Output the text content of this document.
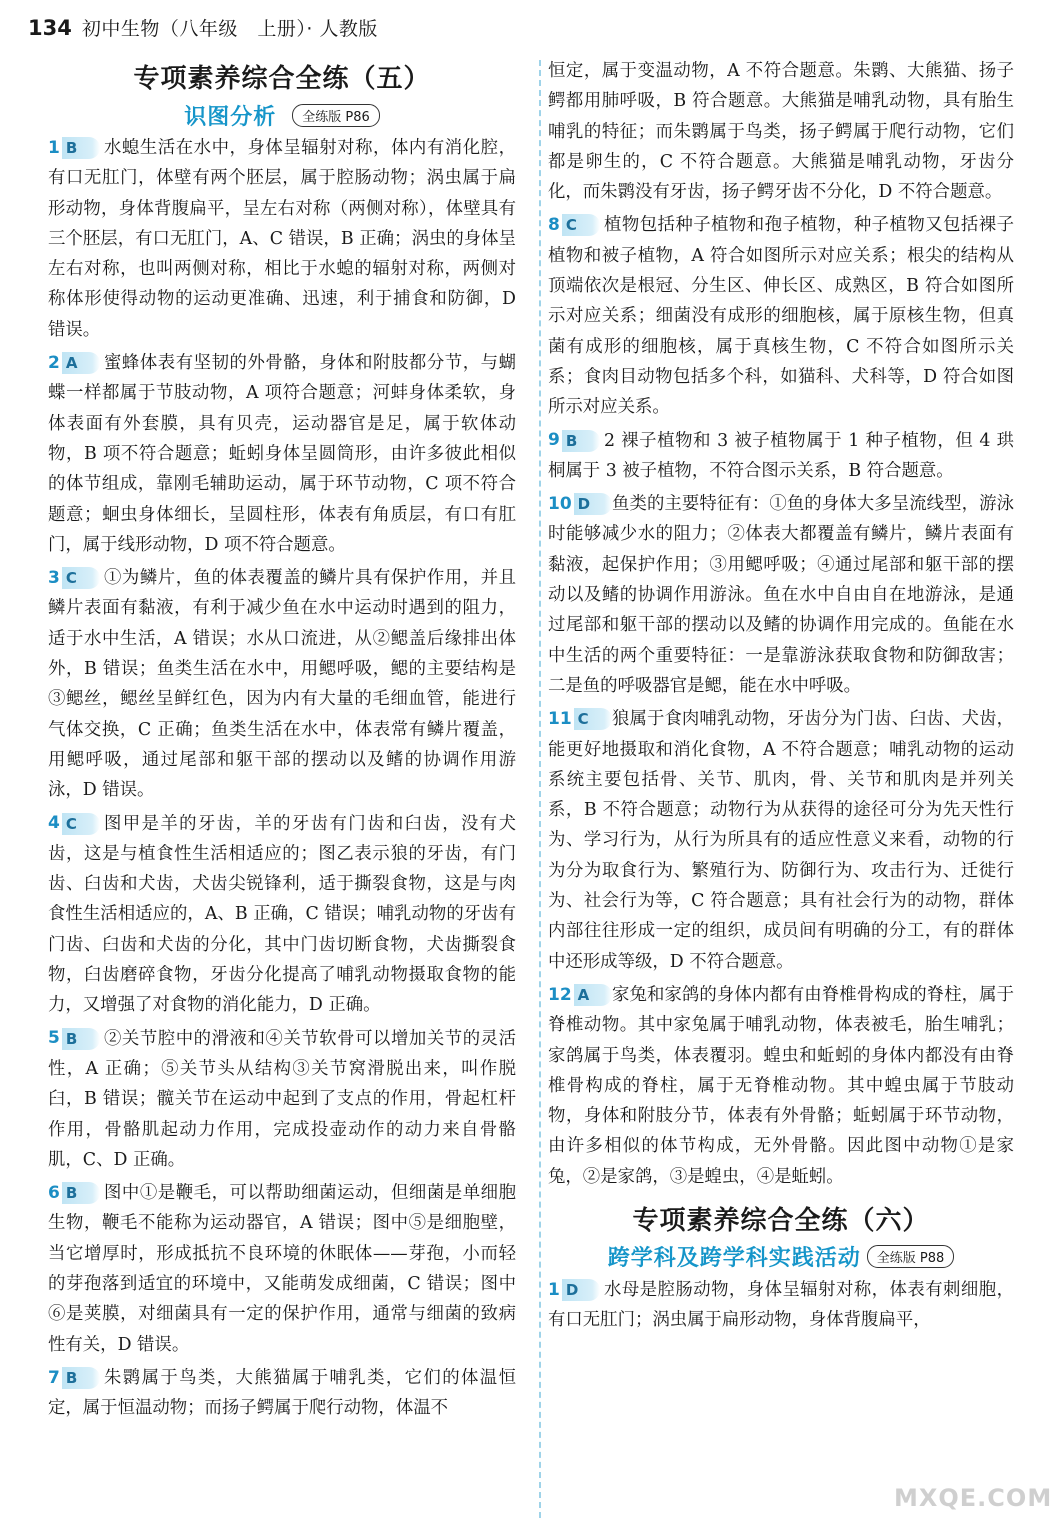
134 初中生物（八年级　上册）· 人教版
专项素养综合全练（五）
识图分析	全练版 P86
1 B	水螅生活在水中，身体呈辐射对称，体内有消化腔，有口无肛门，体壁有两个胚层，属于腔肠动物；涡虫属于扁形动物，身体背腹扁平，呈左右对称（两侧对称），体壁具有三个胚层，有口无肛门，A、C 错误，B 正确；涡虫的身体呈左右对称，也叫两侧对称，相比于水螅的辐射对称，两侧对称体形使得动物的运动更准确、迅速，利于捕食和防御，D 错误。
2 A	蜜蜂体表有坚韧的外骨骼，身体和附肢都分节，与蝴蝶一样都属于节肢动物，A 项符合题意；河蚌身体柔软，身体表面有外套膜，具有贝壳，运动器官是足，属于软体动物，B 项不符合题意；蚯蚓身体呈圆筒形，由许多彼此相似的体节组成，靠刚毛辅助运动，属于环节动物，C 项不符合题意；蛔虫身体细长，呈圆柱形，体表有角质层，有口有肛门，属于线形动物，D 项不符合题意。
3 C	①为鳞片，鱼的体表覆盖的鳞片具有保护作用，并且鳞片表面有黏液，有利于减少鱼在水中运动时遇到的阻力，适于水中生活，A 错误；水从口流进，从②鳃盖后缘排出体外，B 错误；鱼类生活在水中，用鳃呼吸，鳃的主要结构是③鳃丝，鳃丝呈鲜红色，因为内有大量的毛细血管，能进行气体交换，C 正确；鱼类生活在水中，体表常有鳞片覆盖，用鳃呼吸，通过尾部和躯干部的摆动以及鳍的协调作用游泳，D 错误。
4 C	图甲是羊的牙齿，羊的牙齿有门齿和臼齿，没有犬齿，这是与植食性生活相适应的；图乙表示狼的牙齿，有门齿、臼齿和犬齿，犬齿尖锐锋利，适于撕裂食物，这是与肉食性生活相适应的，A、B 正确，C 错误；哺乳动物的牙齿有门齿、臼齿和犬齿的分化，其中门齿切断食物，犬齿撕裂食物，臼齿磨碎食物，牙齿分化提高了哺乳动物摄取食物的能力，又增强了对食物的消化能力，D 正确。
5 B	②关节腔中的滑液和④关节软骨可以增加关节的灵活性，A 正确；⑤关节头从结构③关节窝滑脱出来，叫作脱臼，B 错误；髋关节在运动中起到了支点的作用，骨起杠杆作用，骨骼肌起动力作用，完成投壶动作的动力来自骨骼肌，C、D 正确。
6 B	图中①是鞭毛，可以帮助细菌运动，但细菌是单细胞生物，鞭毛不能称为运动器官，A 错误；图中⑤是细胞壁，当它增厚时，形成抵抗不良环境的休眠体——芽孢，小而轻的芽孢落到适宜的环境中，又能萌发成细菌，C 错误；图中⑥是荚膜，对细菌具有一定的保护作用，通常与细菌的致病性有关，D 错误。
7 B	朱鹮属于鸟类，大熊猫属于哺乳类，它们的体温恒定，属于恒温动物；而扬子鳄属于爬行动物，体温不
恒定，属于变温动物，A 不符合题意。朱鹮、大熊猫、扬子鳄都用肺呼吸，B 符合题意。大熊猫是哺乳动物，具有胎生哺乳的特征；而朱鹮属于鸟类，扬子鳄属于爬行动物，它们都是卵生的，C 不符合题意。大熊猫是哺乳动物，牙齿分化，而朱鹮没有牙齿，扬子鳄牙齿不分化，D 不符合题意。
8 C	植物包括种子植物和孢子植物，种子植物又包括裸子植物和被子植物，A 符合如图所示对应关系；根尖的结构从顶端依次是根冠、分生区、伸长区、成熟区，B 符合如图所示对应关系；细菌没有成形的细胞核，属于原核生物，但真菌有成形的细胞核，属于真核生物，C 不符合如图所示关系；食肉目动物包括多个科，如猫科、犬科等，D 符合如图所示对应关系。
9 B	2 裸子植物和 3 被子植物属于 1 种子植物，但 4 珙桐属于 3 被子植物，不符合图示关系，B 符合题意。
10 D	鱼类的主要特征有：①鱼的身体大多呈流线型，游泳时能够减少水的阻力；②体表大都覆盖有鳞片，鳞片表面有黏液，起保护作用；③用鳃呼吸；④通过尾部和躯干部的摆动以及鳍的协调作用游泳。鱼在水中自由自在地游泳，是通过尾部和躯干部的摆动以及鳍的协调作用完成的。鱼能在水中生活的两个重要特征：一是靠游泳获取食物和防御敌害；二是鱼的呼吸器官是鳃，能在水中呼吸。
11 C	狼属于食肉哺乳动物，牙齿分为门齿、臼齿、犬齿，能更好地摄取和消化食物，A 不符合题意；哺乳动物的运动系统主要包括骨、关节、肌肉，骨、关节和肌肉是并列关系，B 不符合题意；动物行为从获得的途径可分为先天性行为、学习行为，从行为所具有的适应性意义来看，动物的行为分为取食行为、繁殖行为、防御行为、攻击行为、迁徙行为、社会行为等，C 符合题意；具有社会行为的动物，群体内部往往形成一定的组织，成员间有明确的分工，有的群体中还形成等级，D 不符合题意。
12 A	家兔和家鸽的身体内都有由脊椎骨构成的脊柱，属于脊椎动物。其中家兔属于哺乳动物，体表被毛，胎生哺乳；家鸽属于鸟类，体表覆羽。蝗虫和蚯蚓的身体内都没有由脊椎骨构成的脊柱，属于无脊椎动物。其中蝗虫属于节肢动物，身体和附肢分节，体表有外骨骼；蚯蚓属于环节动物，由许多相似的体节构成，无外骨骼。因此图中动物①是家兔，②是家鸽，③是蝗虫，④是蚯蚓。
专项素养综合全练（六）
跨学科及跨学科实践活动	全练版 P88
1 D	水母是腔肠动物，身体呈辐射对称，体表有刺细胞，有口无肛门；涡虫属于扁形动物，身体背腹扁平，
MXQE.COM
